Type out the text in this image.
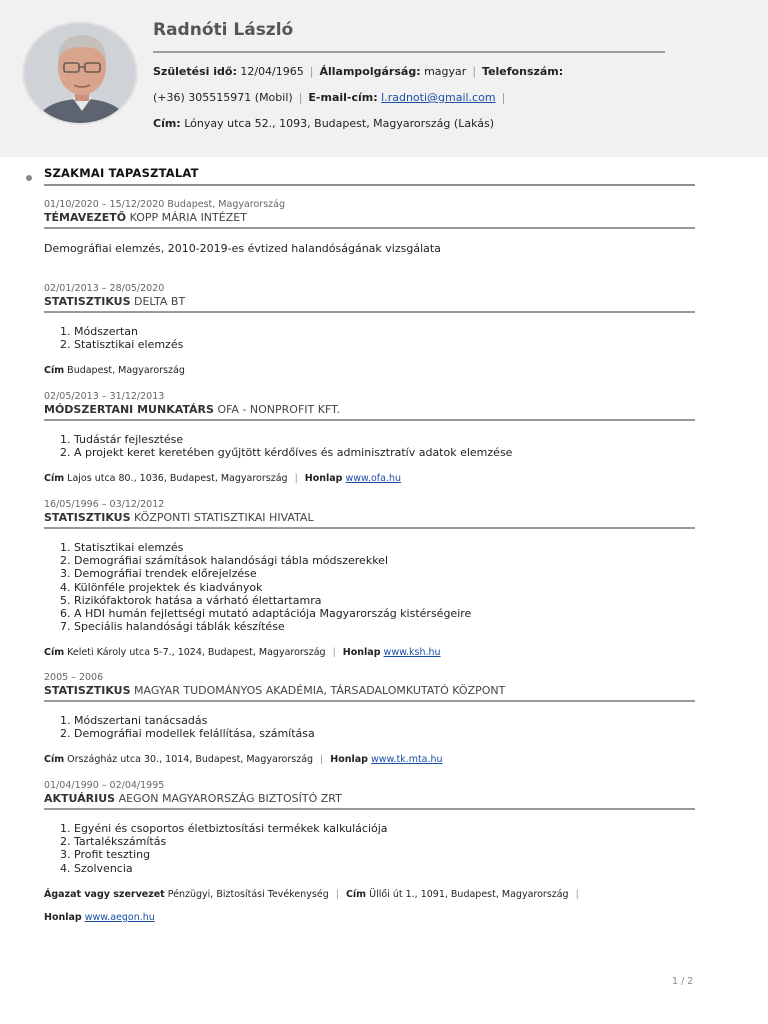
Radnóti László
Születési idő: 12/04/1965 | Állampolgárság: magyar | Telefonszám:
(+36) 305515971 (Mobil) | E-mail-cím: l.radnoti@gmail.com |
Cím: Lónyay utca 52., 1093, Budapest, Magyarország (Lakás)
SZAKMAI TAPASZTALAT
01/10/2020 – 15/12/2020 Budapest, Magyarország
TÉMAVEZETŐ KOPP MÁRIA INTÉZET
Demográfiai elemzés, 2010-2019-es évtized halandóságának vizsgálata
02/01/2013 – 28/05/2020
STATISZTIKUS DELTA BT
1. Módszertan
2. Statisztikai elemzés
Cím Budapest, Magyarország
02/05/2013 – 31/12/2013
MÓDSZERTANI MUNKATÁRS OFA - NONPROFIT KFT.
1. Tudástár fejlesztése
2. A projekt keret keretében gyűjtött kérdőíves és adminisztratív adatok elemzése
Cím Lajos utca 80., 1036, Budapest, Magyarország | Honlap www.ofa.hu
16/05/1996 – 03/12/2012
STATISZTIKUS KÖZPONTI STATISZTIKAI HIVATAL
1. Statisztikai elemzés
2. Demográfiai számítások halandósági tábla módszerekkel
3. Demográfiai trendek előrejelzése
4. Különféle projektek és kiadványok
5. Rizikófaktorok hatása a várható élettartamra
6. A HDI humán fejlettségi mutató adaptációja Magyarország kistérségeire
7. Speciális halandósági táblák készítése
Cím Keleti Károly utca 5-7., 1024, Budapest, Magyarország | Honlap www.ksh.hu
2005 – 2006
STATISZTIKUS MAGYAR TUDOMÁNYOS AKADÉMIA, TÁRSADALOMKUTATÓ KÖZPONT
1. Módszertani tanácsadás
2. Demográfiai modellek felállítása, számítása
Cím Országház utca 30., 1014, Budapest, Magyarország | Honlap www.tk.mta.hu
01/04/1990 – 02/04/1995
AKTUÁRIUS AEGON MAGYARORSZÁG BIZTOSÍTÓ ZRT
1. Egyéni és csoportos életbiztosítási termékek kalkulációja
2. Tartalékszámítás
3. Profit teszting
4. Szolvencia
Ágazat vagy szervezet Pénzügyi, Biztosítási Tevékenység | Cím Üllői út 1., 1091, Budapest, Magyarország |
Honlap www.aegon.hu
1 / 2
